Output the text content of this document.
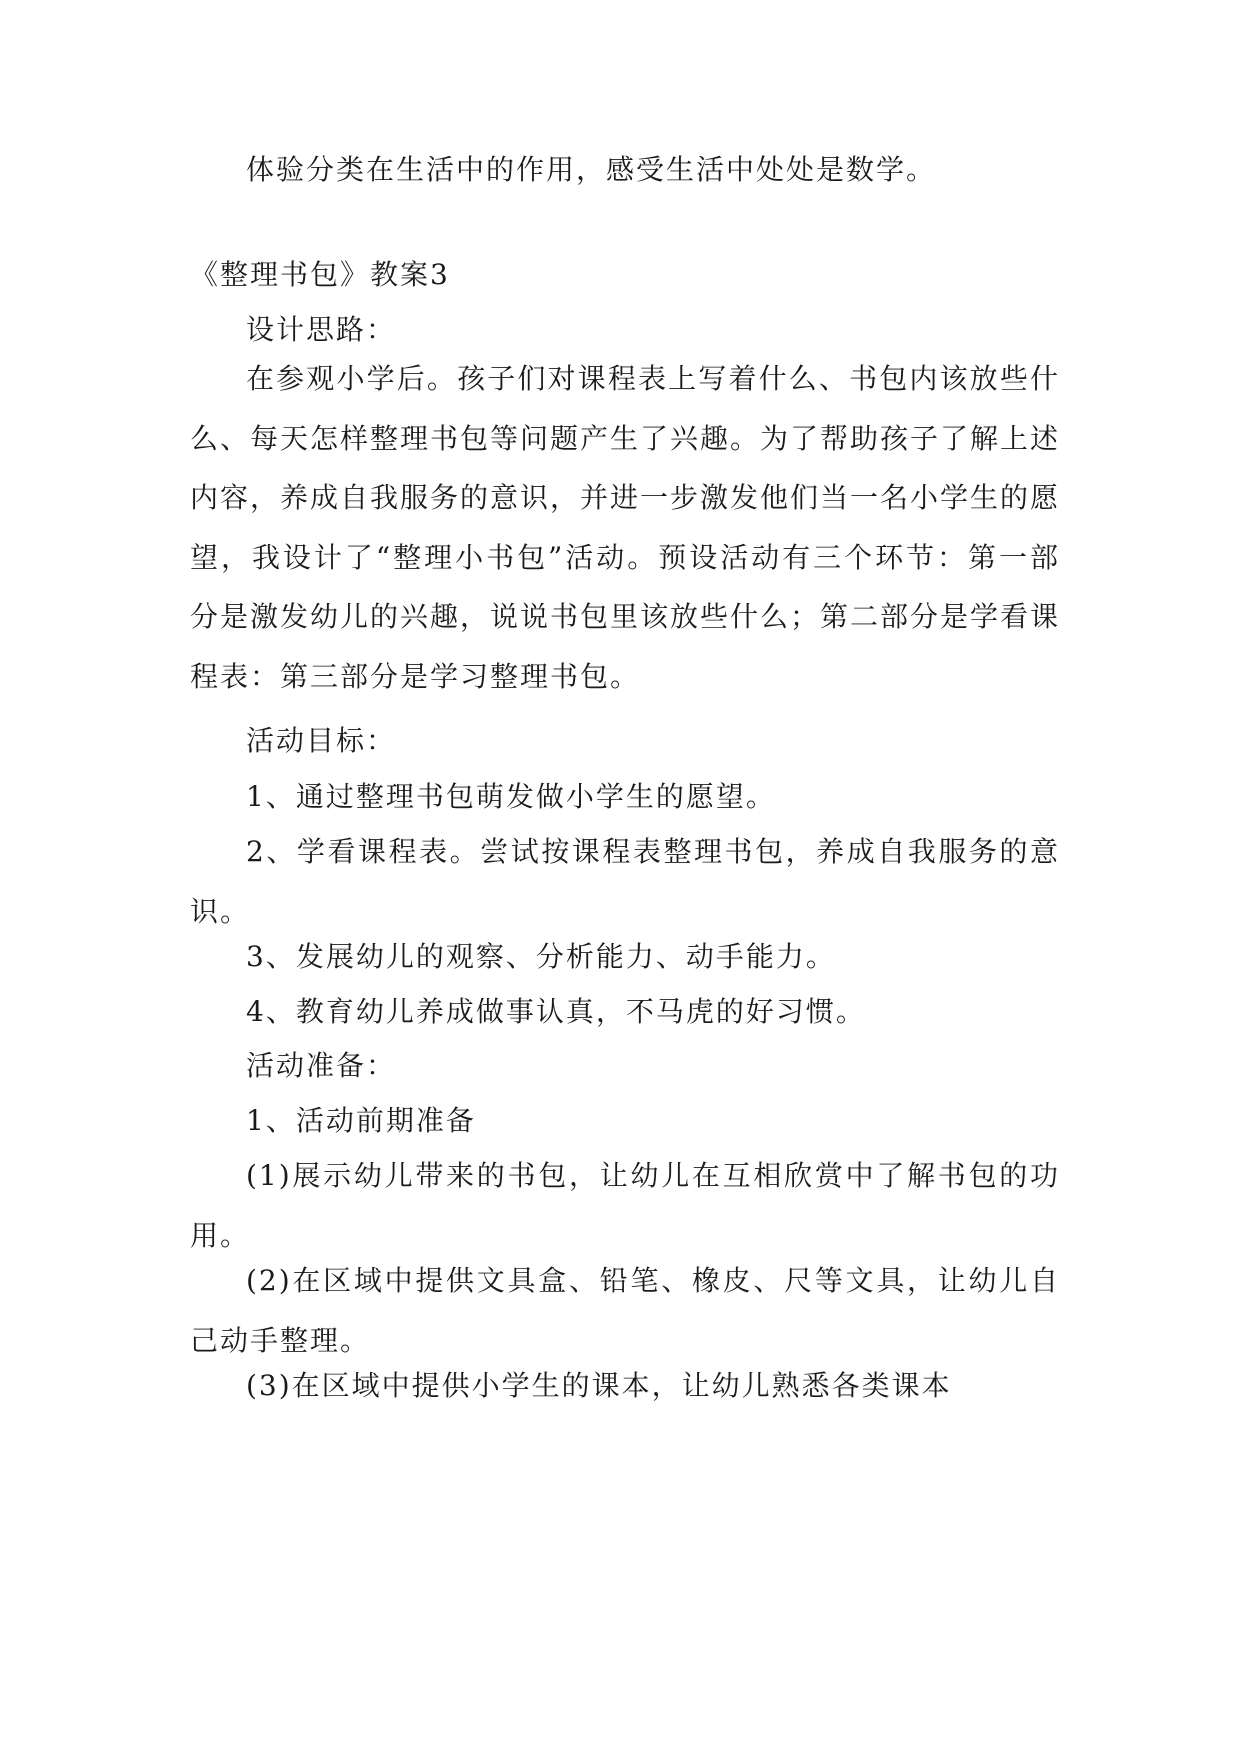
体验分类在生活中的作用，感受生活中处处是数学。
《整理书包》教案3
设计思路：
在参观小学后。孩子们对课程表上写着什么、书包内该放些什么、每天怎样整理书包等问题产生了兴趣。为了帮助孩子了解上述内容，养成自我服务的意识，并进一步激发他们当一名小学生的愿望，我设计了“整理小书包”活动。预设活动有三个环节：第一部分是激发幼儿的兴趣，说说书包里该放些什么；第二部分是学看课程表：第三部分是学习整理书包。
活动目标：
1、通过整理书包萌发做小学生的愿望。
2、学看课程表。尝试按课程表整理书包，养成自我服务的意识。
3、发展幼儿的观察、分析能力、动手能力。
4、教育幼儿养成做事认真，不马虎的好习惯。
活动准备：
1、活动前期准备
(1)展示幼儿带来的书包，让幼儿在互相欣赏中了解书包的功用。
(2)在区域中提供文具盒、铅笔、橡皮、尺等文具，让幼儿自己动手整理。
(3)在区域中提供小学生的课本，让幼儿熟悉各类课本
